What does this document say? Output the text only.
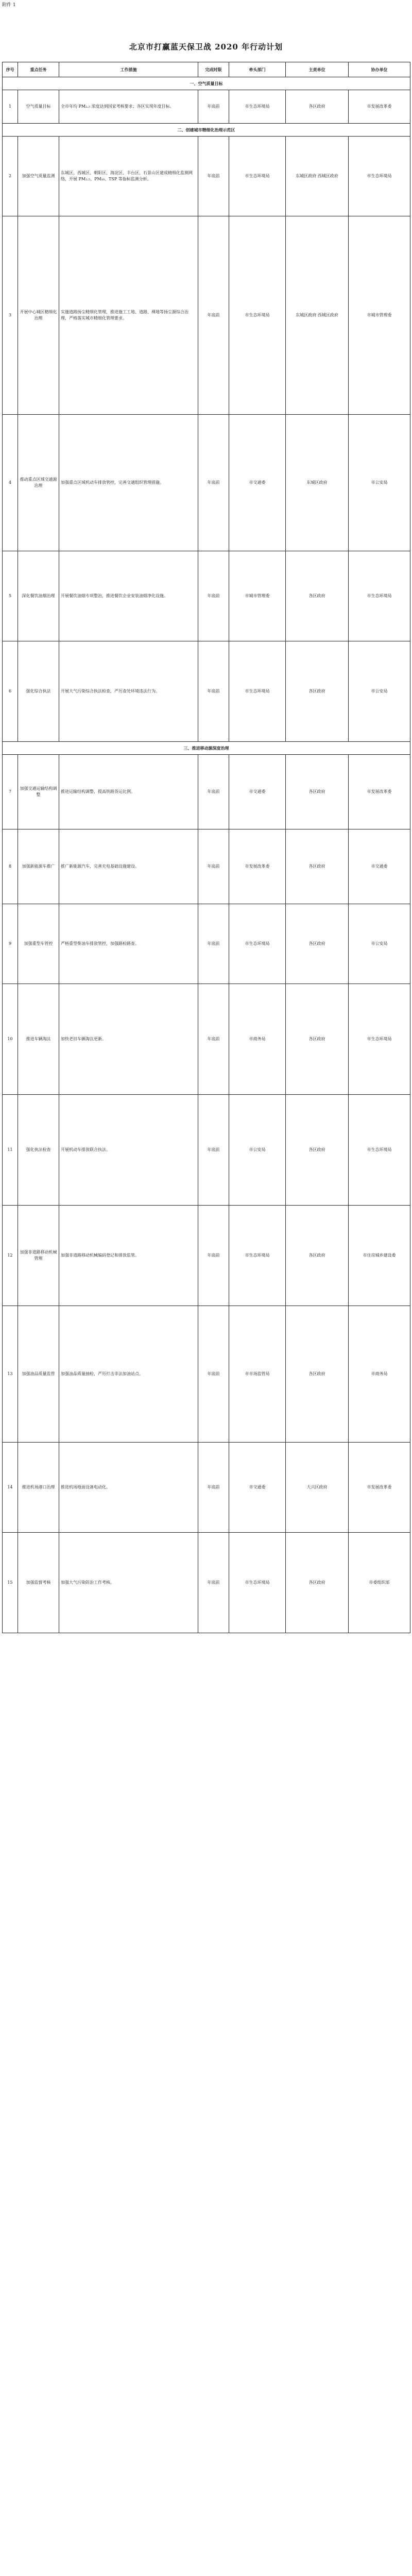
附件 1
北京市打赢蓝天保卫战 2020 年行动计划
序号	重点任务	工作措施	完成时限	牵头部门	主责单位	协办单位
一、空气质量目标						
1	空气质量目标	全市年均 PM₂.₅ 浓度达到国家考核要求；各区实现年度目标。	年底前	市生态环境局	各区政府	市发展改革委
二、创建城市精细化治理示范区						
2	加强空气质量监测	东城区、西城区、朝阳区、海淀区、丰台区、石景山区建成精细化监测网络，开展 PM₂.₅、PM₁₀、TSP 等指标监测分析。	年底前	市生态环境局	东城区政府 西城区政府	市生态环境局
3	开展中心城区精细化治理	实施道路扬尘精细化管理，推进施工工地、道路、裸地等扬尘源综合治理，严格落实城市精细化管理要求。	年底前	市生态环境局	东城区政府 西城区政府	市城市管理委
4	推动重点区域交通源治理	加强重点区域机动车排放管控，完善交通组织管理措施。	年底前	市交通委	东城区政府	市公安局
5	深化餐饮油烟治理	开展餐饮油烟专项整治，推进餐饮企业安装油烟净化设施。	年底前	市城市管理委	各区政府	市生态环境局
6	强化综合执法	开展大气污染综合执法检查，严厉查处环境违法行为。	年底前	市生态环境局	各区政府	市公安局
三、推进移动源深度治理						
7	加强交通运输结构调整	推进运输结构调整，提高铁路货运比例。	年底前	市交通委	各区政府	市发展改革委
8	加强新能源车推广	推广新能源汽车，完善充电基础设施建设。	年底前	市发展改革委	各区政府	市交通委
9	加强重型车管控	严格重型柴油车排放管控，加强路检路查。	年底前	市生态环境局	各区政府	市公安局
10	推进车辆淘汰	加快老旧车辆淘汰更新。	年底前	市商务局	各区政府	市生态环境局
11	强化执法检查	开展机动车排放联合执法。	年底前	市公安局	各区政府	市生态环境局
12	加强非道路移动机械管理	加强非道路移动机械编码登记和排放监管。	年底前	市生态环境局	各区政府	市住房城乡建设委
13	加强油品质量监管	加强油品质量抽检，严厉打击非法加油站点。	年底前	市市场监管局	各区政府	市商务局
14	推进机场港口治理	推进机场地面设备电动化。	年底前	市交通委	大兴区政府	市发展改革委
15	加强监督考核	加强大气污染防治工作考核。	年底前	市生态环境局	各区政府	市委组织部
